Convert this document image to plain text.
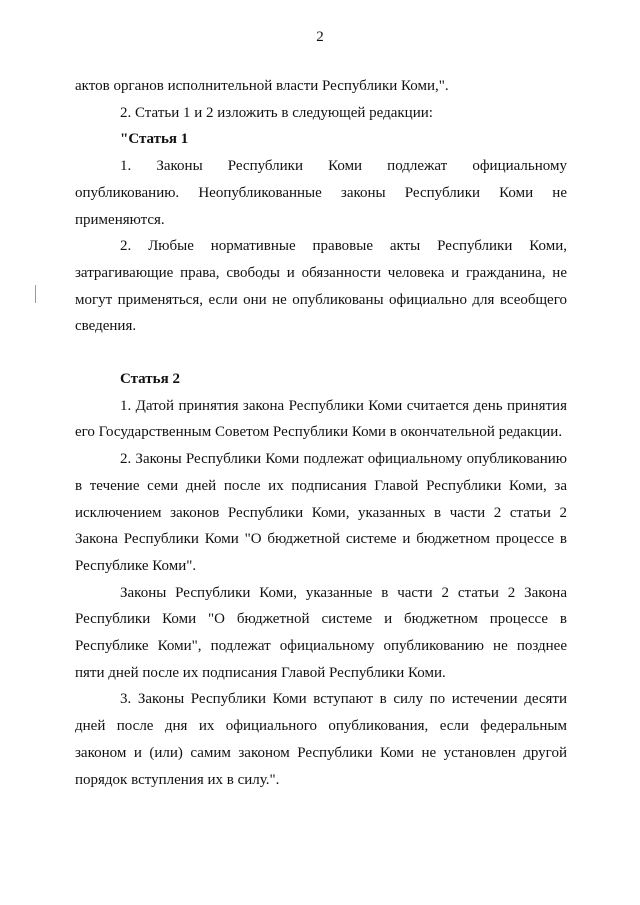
2

актов органов исполнительной власти Республики Коми,".

2. Статьи 1 и 2 изложить в следующей редакции:

"Статья 1

1. Законы Республики Коми подлежат официальному опубликованию. Неопубликованные законы Республики Коми не применяются.

2. Любые нормативные правовые акты Республики Коми, затрагивающие права, свободы и обязанности человека и гражданина, не могут применяться, если они не опубликованы официально для всеобщего сведения.

Статья 2

1. Датой принятия закона Республики Коми считается день принятия его Государственным Советом Республики Коми в окончательной редакции.

2. Законы Республики Коми подлежат официальному опубликованию в течение семи дней после их подписания Главой Республики Коми, за исключением законов Республики Коми, указанных в части 2 статьи 2 Закона Республики Коми "О бюджетной системе и бюджетном процессе в Республике Коми".

Законы Республики Коми, указанные в части 2 статьи 2 Закона Республики Коми "О бюджетной системе и бюджетном процессе в Республике Коми", подлежат официальному опубликованию не позднее пяти дней после их подписания Главой Республики Коми.

3. Законы Республики Коми вступают в силу по истечении десяти дней после дня их официального опубликования, если федеральным законом и (или) самим законом Республики Коми не установлен другой порядок вступления их в силу.".
